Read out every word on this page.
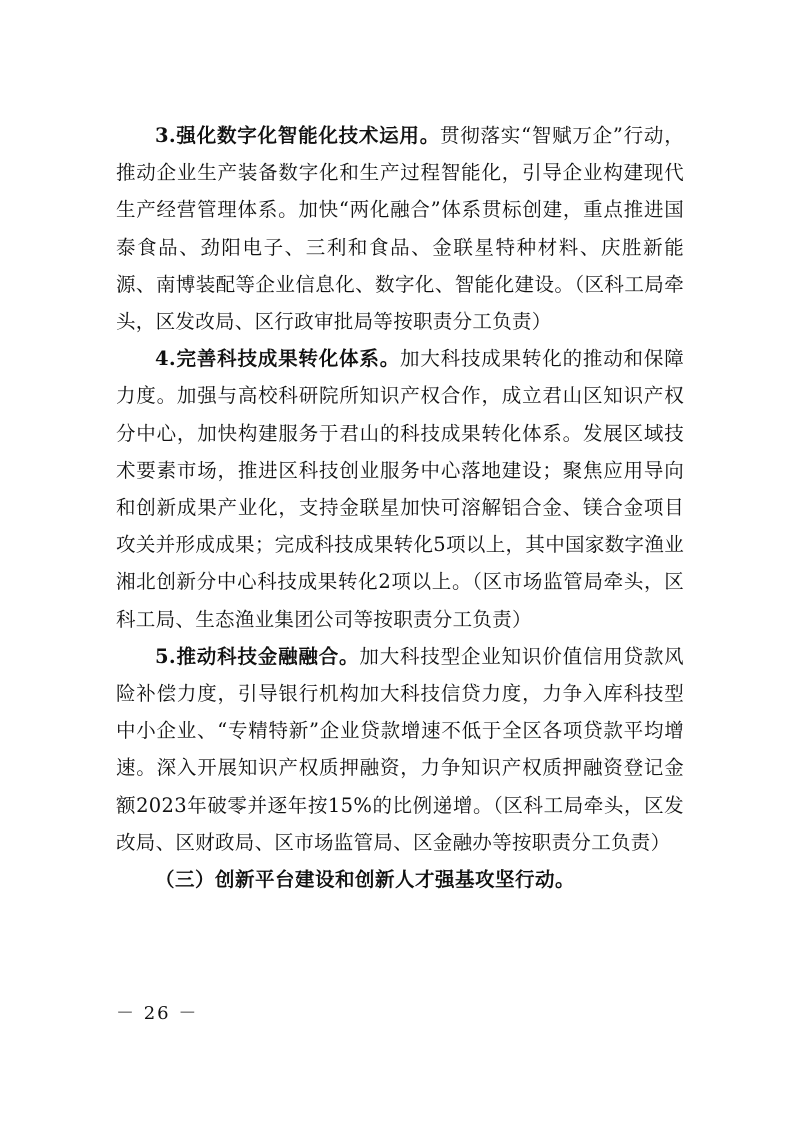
3.强化数字化智能化技术运用。贯彻落实“智赋万企”行动，推动企业生产装备数字化和生产过程智能化，引导企业构建现代生产经营管理体系。加快“两化融合”体系贯标创建，重点推进国泰食品、劲阳电子、三利和食品、金联星特种材料、庆胜新能源、南博装配等企业信息化、数字化、智能化建设。（区科工局牵头，区发改局、区行政审批局等按职责分工负责）

4.完善科技成果转化体系。加大科技成果转化的推动和保障力度。加强与高校科研院所知识产权合作，成立君山区知识产权分中心，加快构建服务于君山的科技成果转化体系。发展区域技术要素市场，推进区科技创业服务中心落地建设；聚焦应用导向和创新成果产业化，支持金联星加快可溶解铝合金、镁合金项目攻关并形成成果；完成科技成果转化5项以上，其中国家数字渔业湘北创新分中心科技成果转化2项以上。（区市场监管局牵头，区科工局、生态渔业集团公司等按职责分工负责）

5.推动科技金融融合。加大科技型企业知识价值信用贷款风险补偿力度，引导银行机构加大科技信贷力度，力争入库科技型中小企业、“专精特新”企业贷款增速不低于全区各项贷款平均增速。深入开展知识产权质押融资，力争知识产权质押融资登记金额2023年破零并逐年按15%的比例递增。（区科工局牵头，区发改局、区财政局、区市场监管局、区金融办等按职责分工负责）

（三）创新平台建设和创新人才强基攻坚行动。

－ 26 －
